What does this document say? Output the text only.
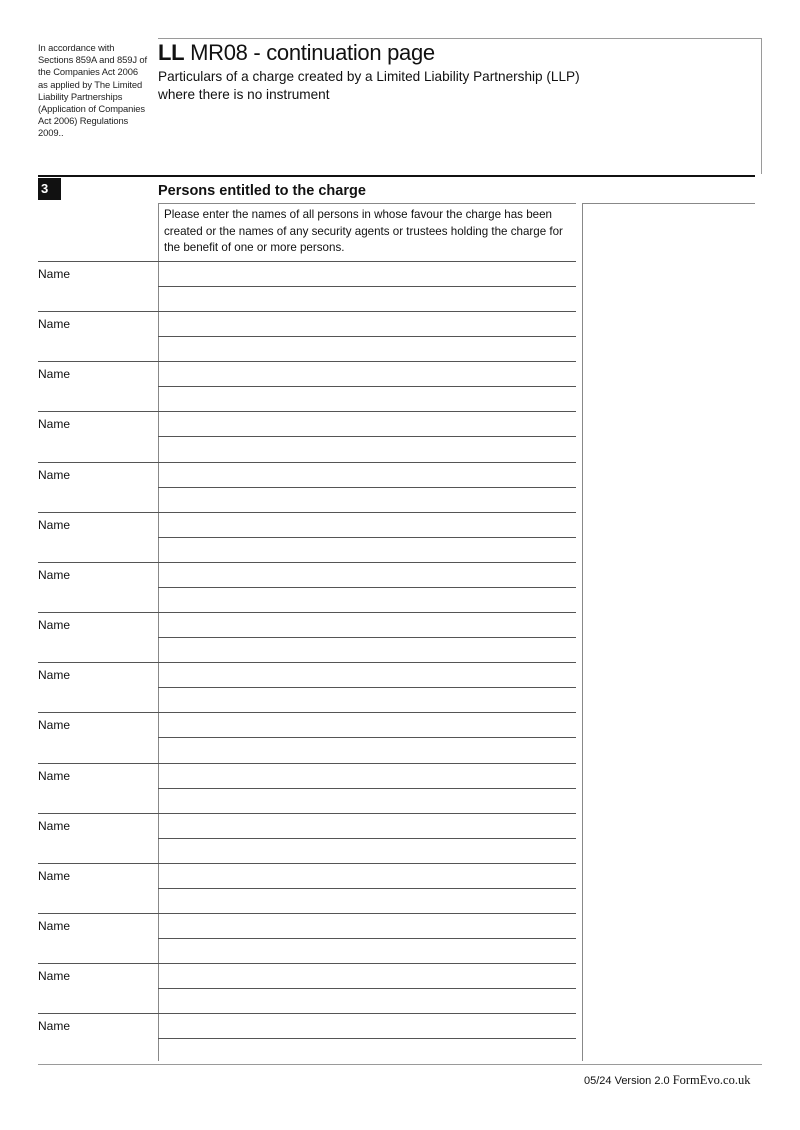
In accordance with Sections 859A and 859J of the Companies Act 2006 as applied by The Limited Liability Partnerships (Application of Companies Act 2006) Regulations 2009..
LL MR08 - continuation page
Particulars of a charge created by a Limited Liability Partnership (LLP) where there is no instrument
3	Persons entitled to the charge
Please enter the names of all persons in whose favour the charge has been created or the names of any security agents or trustees holding the charge for the benefit of one or more persons.
Name
Name
Name
Name
Name
Name
Name
Name
Name
Name
Name
Name
Name
Name
Name
Name
05/24 Version 2.0 FormEvo.co.uk
